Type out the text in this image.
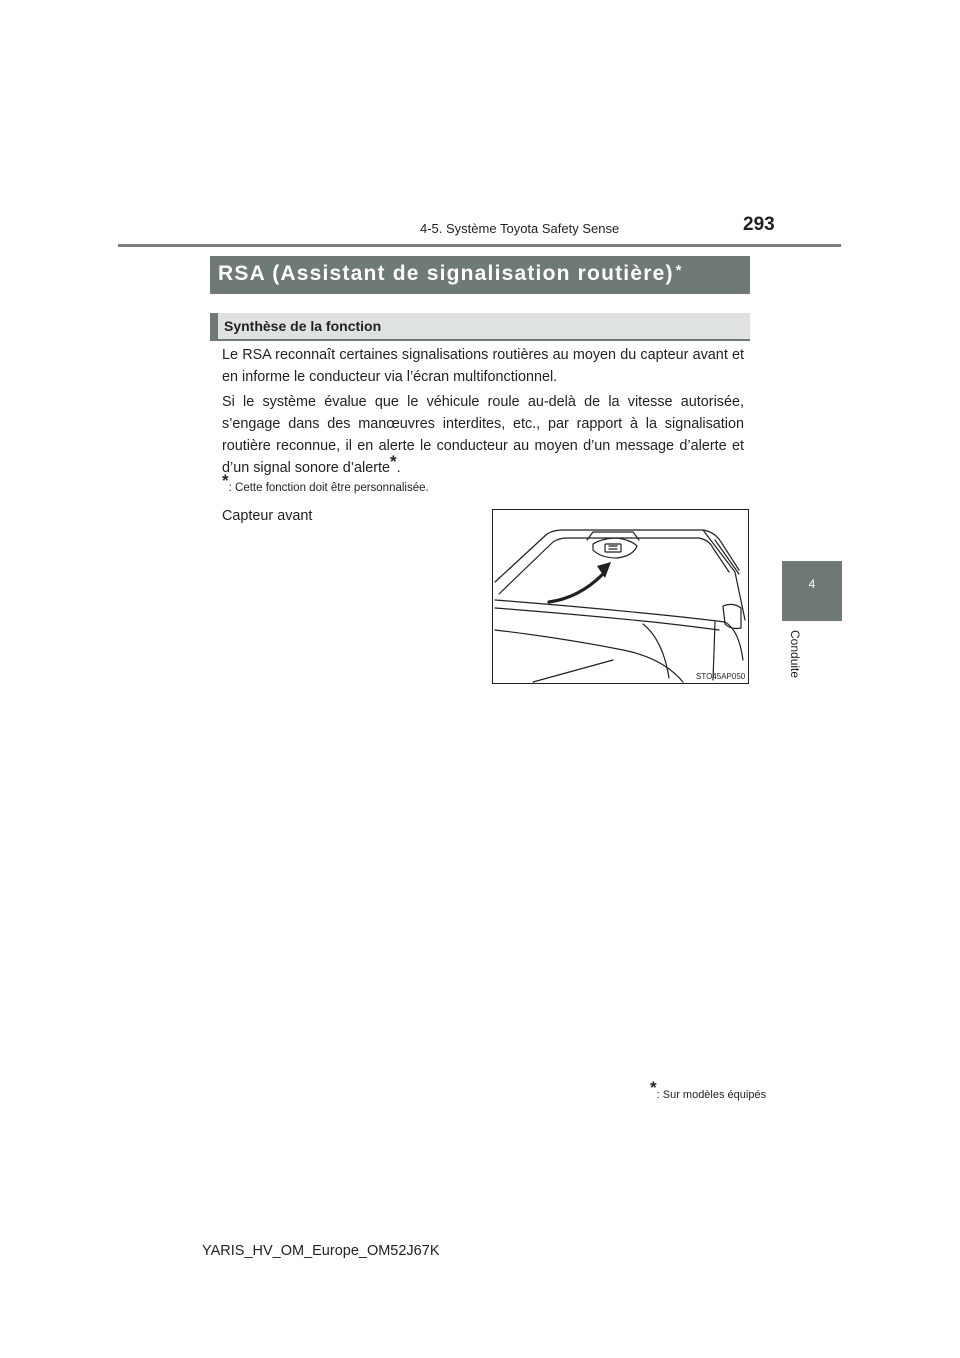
4-5. Système Toyota Safety Sense	293
4
Conduite
RSA (Assistant de signalisation routière) *
Synthèse de la fonction
Le RSA reconnaît certaines signalisations routières au moyen du capteur avant et en informe le conducteur via l’écran multifonctionnel.
Si le système évalue que le véhicule roule au-delà de la vitesse autorisée, s’engage dans des manœuvres interdites, etc., par rapport à la signalisation routière reconnue, il en alerte le conducteur au moyen d’un message d’alerte et d’un signal sonore d’alerte*.
*: Cette fonction doit être personnalisée.
Capteur avant
STO45AP050
*: Sur modèles équipés
YARIS_HV_OM_Europe_OM52J67K
